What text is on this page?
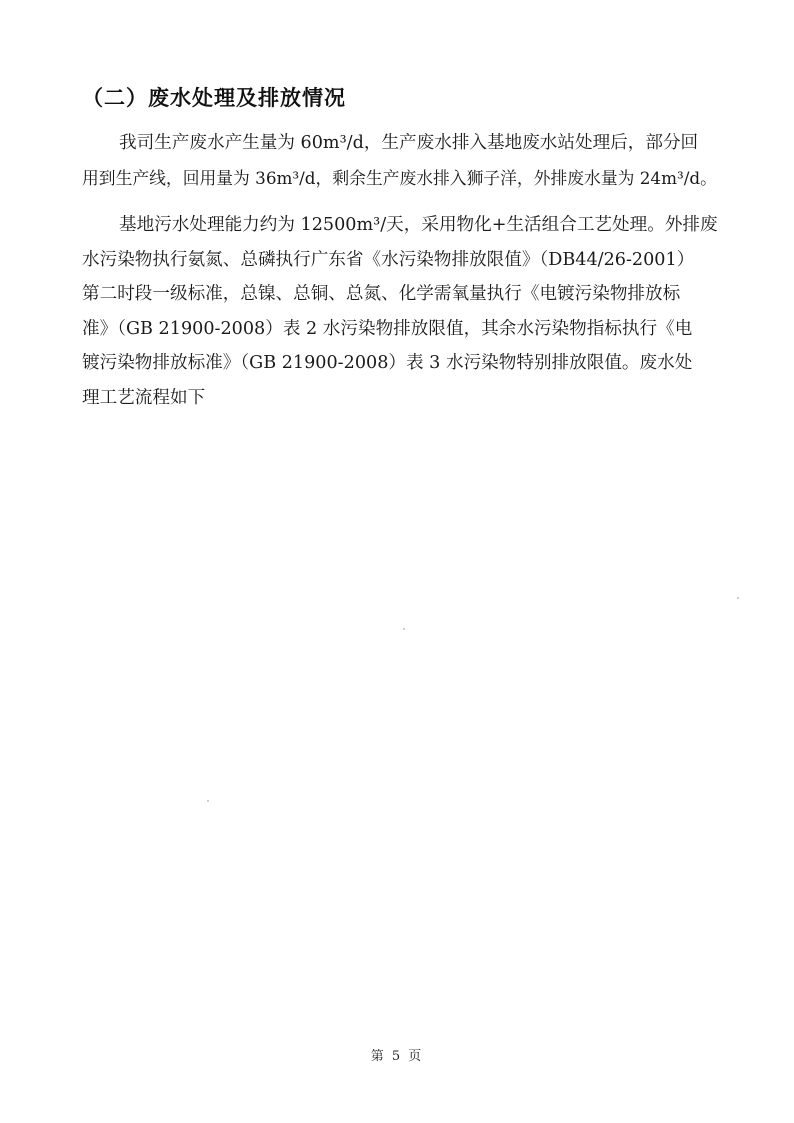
（二）废水处理及排放情况
我司生产废水产生量为 60m³/d，生产废水排入基地废水站处理后，部分回
用到生产线，回用量为 36m³/d，剩余生产废水排入狮子洋，外排废水量为 24m³/d。
基地污水处理能力约为 12500m³/天，采用物化+生活组合工艺处理。外排废
水污染物执行氨氮、总磷执行广东省《水污染物排放限值》（DB44/26-2001）
第二时段一级标准，总镍、总铜、总氮、化学需氧量执行《电镀污染物排放标
准》（GB 21900-2008）表 2 水污染物排放限值，其余水污染物指标执行《电
镀污染物排放标准》（GB 21900-2008）表 3 水污染物特别排放限值。废水处
理工艺流程如下
第 5 页
